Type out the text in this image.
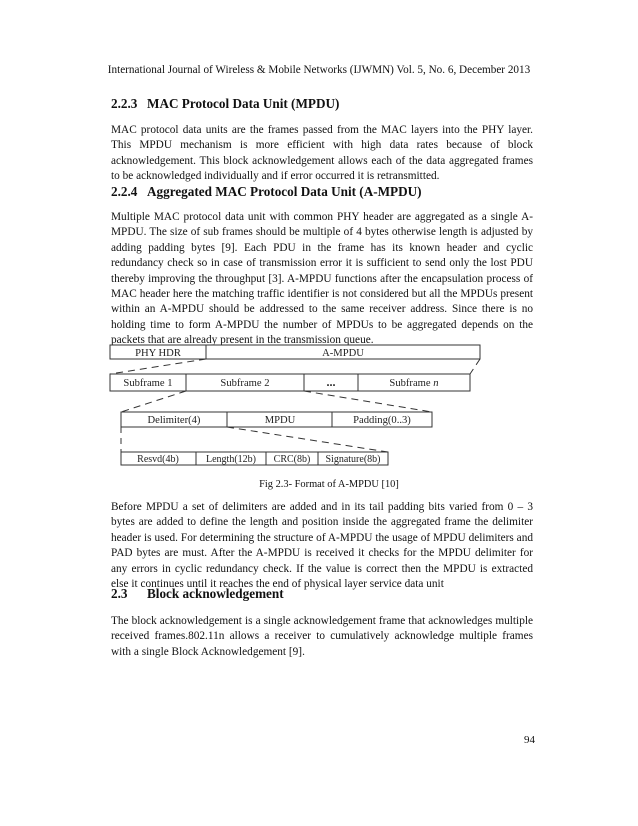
International Journal of Wireless & Mobile Networks (IJWMN) Vol. 5, No. 6, December 2013
2.2.3 MAC Protocol Data Unit (MPDU)

MAC protocol data units are the frames passed from the MAC layers into the PHY layer. This MPDU mechanism is more efficient with high data rates because of block acknowledgement. This block acknowledgement allows each of the data aggregated frames to be acknowledged individually and if error occurred it is retransmitted.

2.2.4 Aggregated MAC Protocol Data Unit (A-MPDU)

Multiple MAC protocol data unit with common PHY header are aggregated as a single A-MPDU. The size of sub frames should be multiple of 4 bytes otherwise length is adjusted by adding padding bytes [9]. Each PDU in the frame has its known header and cyclic redundancy check so in case of transmission error it is sufficient to send only the lost PDU thereby improving the throughput [3]. A-MPDU functions after the encapsulation process of MAC header here the matching traffic identifier is not considered but all the MPDUs present within an A-MPDU should be addressed to the same receiver address. Since there is no holding time to form A-MPDU the number of MPDUs to be aggregated depends on the packets that are already present in the transmission queue.

PHY HDR	A-MPDU
Subframe 1	Subframe 2	...	Subframe n
Delimiter(4)	MPDU	Padding(0..3)
Resvd(4b)	Length(12b) CRC(8b) Signature(8b)
Fig 2.3- Format of A-MPDU [10]

Before MPDU a set of delimiters are added and in its tail padding bits varied from 0 – 3 bytes are added to define the length and position inside the aggregated frame the delimiter header is used. For determining the structure of A-MPDU the usage of MPDU delimiters and PAD bytes are must. After the A-MPDU is received it checks for the MPDU delimiter for any errors in cyclic redundancy check. If the value is correct then the MPDU is extracted else it continues until it reaches the end of physical layer service data unit

2.3 Block acknowledgement

The block acknowledgement is a single acknowledgement frame that acknowledges multiple received frames.802.11n allows a receiver to cumulatively acknowledge multiple frames with a single Block Acknowledgement [9].

94
